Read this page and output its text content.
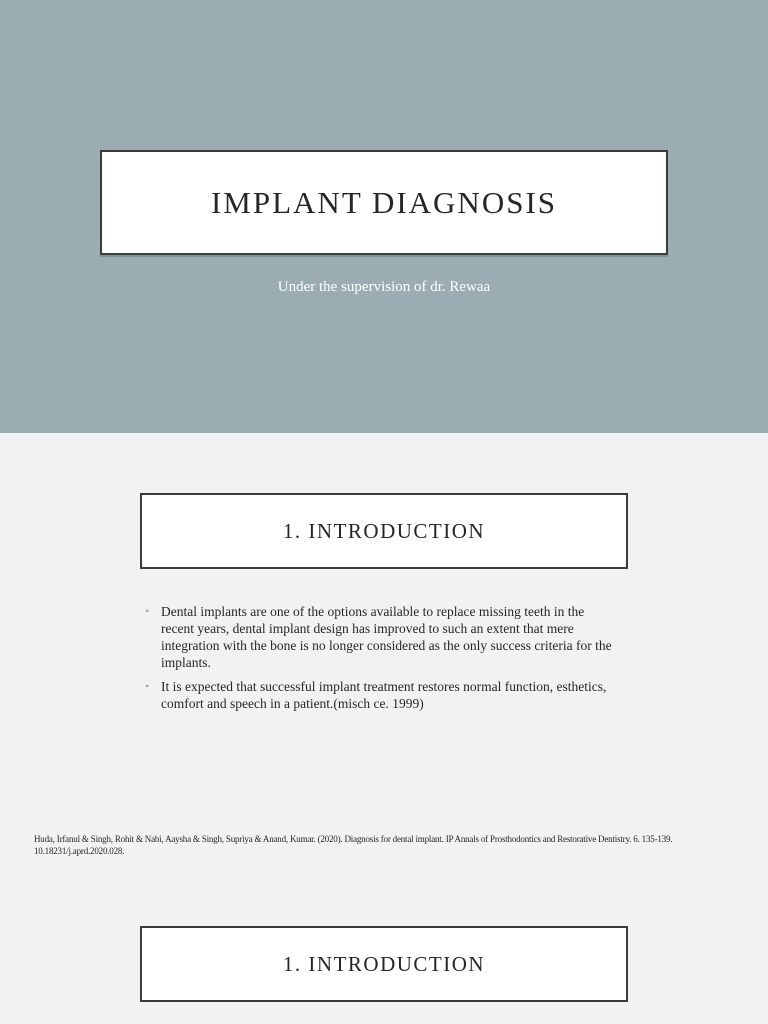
IMPLANT DIAGNOSIS
Under the supervision of dr. Rewaa
1. INTRODUCTION
• Dental implants are one of the options available to replace missing teeth in the recent years, dental implant design has improved to such an extent that mere integration with the bone is no longer considered as the only success criteria for the implants.
• It is expected that successful implant treatment restores normal function, esthetics, comfort and speech in a patient.(misch ce. 1999)
Huda, Irfanul & Singh, Rohit & Nabi, Aaysha & Singh, Supriya & Anand, Kumar. (2020). Diagnosis for dental implant. IP Annals of Prosthodontics and Restorative Dentistry. 6. 135-139. 10.18231/j.aprd.2020.028.
1. INTRODUCTION
